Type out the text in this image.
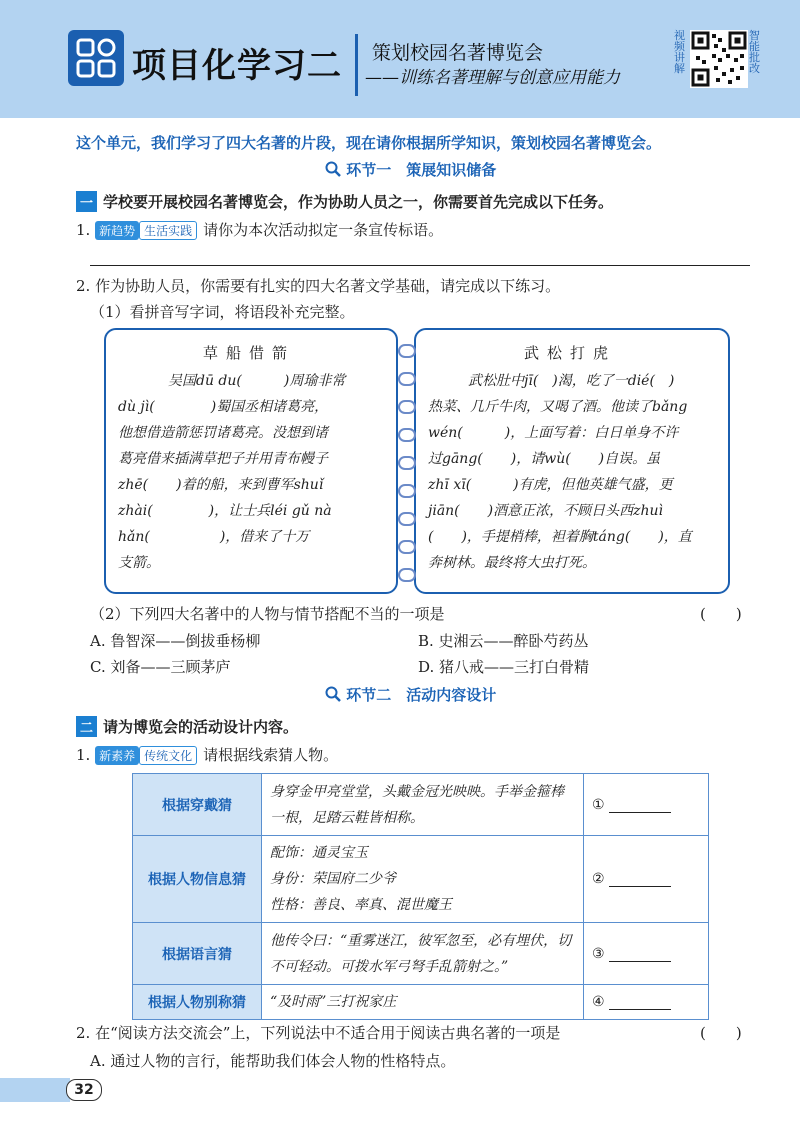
项目化学习二 策划校园名著博览会
——训练名著理解与创意应用能力
视频讲解
智能批改
这个单元，我们学习了四大名著的片段，现在请你根据所学知识，策划校园名著博览会。
环节一　策展知识储备
一 学校要开展校园名著博览会，作为协助人员之一，你需要首先完成以下任务。
1. 新趋势 生活实践 请你为本次活动拟定一条宣传标语。
2. 作为协助人员，你需要有扎实的四大名著文学基础，请完成以下练习。
（1）看拼音写字词，将语段补充完整。
草船借箭	武松打虎
吴国dū du(　　　)周瑜非常
dù jì(　　　　)蜀国丞相诸葛亮，
他想借造箭惩罚诸葛亮。没想到诸
葛亮借来插满草把子并用青布幔子
zhē(　　)着的船，来到曹军shuǐ
zhài(　　　　)，让士兵léi gǔ nà
hǎn(　　　　　)，借来了十万
支箭。
武松肚中jī(　)渴，吃了一dié(　)
热菜、几斤牛肉，又喝了酒。他读了bǎng
wén(　　　)，上面写着：白日单身不许
过gāng(　　)，请wù(　　)自误。虽
zhī xī(　　　)有虎，但他英雄气盛，更
jiān(　　)酒意正浓，不顾日头西zhuì
(　　)，手提梢棒，袒着胸táng(　　)，直
奔树林。最终将大虫打死。
（2）下列四大名著中的人物与情节搭配不当的一项是	(　　)
A. 鲁智深——倒拔垂杨柳	B. 史湘云——醉卧芍药丛
C. 刘备——三顾茅庐	D. 猪八戒——三打白骨精
环节二　活动内容设计
二 请为博览会的活动设计内容。
1. 新素养 传统文化 请根据线索猜人物。
根据穿戴猜	身穿金甲亮堂堂，头戴金冠光映映。手举金箍棒一根，足踏云鞋皆相称。	①
根据人物信息猜	配饰：通灵宝玉
身份：荣国府二少爷
性格：善良、率真、混世魔王	②
根据语言猜	他传令曰：“重雾迷江，彼军忽至，必有埋伏，切不可轻动。可拨水军弓弩手乱箭射之。”	③
根据人物别称猜	“及时雨”三打祝家庄	④
2. 在“阅读方法交流会”上，下列说法中不适合用于阅读古典名著的一项是	(　　)
A. 通过人物的言行，能帮助我们体会人物的性格特点。
32
